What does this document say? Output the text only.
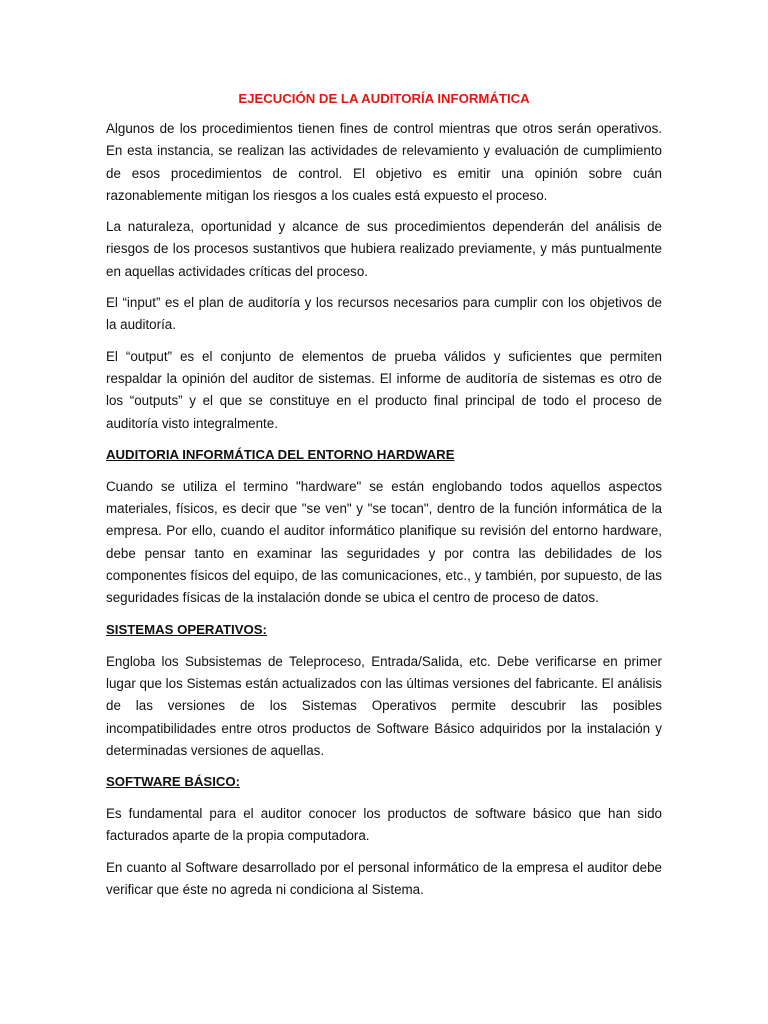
EJECUCIÓN DE LA AUDITORÍA INFORMÁTICA

Algunos de los procedimientos tienen fines de control mientras que otros serán operativos. En esta instancia, se realizan las actividades de relevamiento y evaluación de cumplimiento de esos procedimientos de control. El objetivo es emitir una opinión sobre cuán razonablemente mitigan los riesgos a los cuales está expuesto el proceso.

La naturaleza, oportunidad y alcance de sus procedimientos dependerán del análisis de riesgos de los procesos sustantivos que hubiera realizado previamente, y más puntualmente en aquellas actividades críticas del proceso.

El “input” es el plan de auditoría y los recursos necesarios para cumplir con los objetivos de la auditoría.

El “output” es el conjunto de elementos de prueba válidos y suficientes que permiten respaldar la opinión del auditor de sistemas. El informe de auditoría de sistemas es otro de los “outputs” y el que se constituye en el producto final principal de todo el proceso de auditoría visto integralmente.

AUDITORIA INFORMÁTICA DEL ENTORNO HARDWARE

Cuando se utiliza el termino "hardware" se están englobando todos aquellos aspectos materiales, físicos, es decir que "se ven" y "se tocan", dentro de la función informática de la empresa. Por ello, cuando el auditor informático planifique su revisión del entorno hardware, debe pensar tanto en examinar las seguridades y por contra las debilidades de los componentes físicos del equipo, de las comunicaciones, etc., y también, por supuesto, de las seguridades físicas de la instalación donde se ubica el centro de proceso de datos.

SISTEMAS OPERATIVOS:

Engloba los Subsistemas de Teleproceso, Entrada/Salida, etc. Debe verificarse en primer lugar que los Sistemas están actualizados con las últimas versiones del fabricante. El análisis de las versiones de los Sistemas Operativos permite descubrir las posibles incompatibilidades entre otros productos de Software Básico adquiridos por la instalación y determinadas versiones de aquellas.

SOFTWARE BÁSICO:

Es fundamental para el auditor conocer los productos de software básico que han sido facturados aparte de la propia computadora.

En cuanto al Software desarrollado por el personal informático de la empresa el auditor debe verificar que éste no agreda ni condiciona al Sistema.
